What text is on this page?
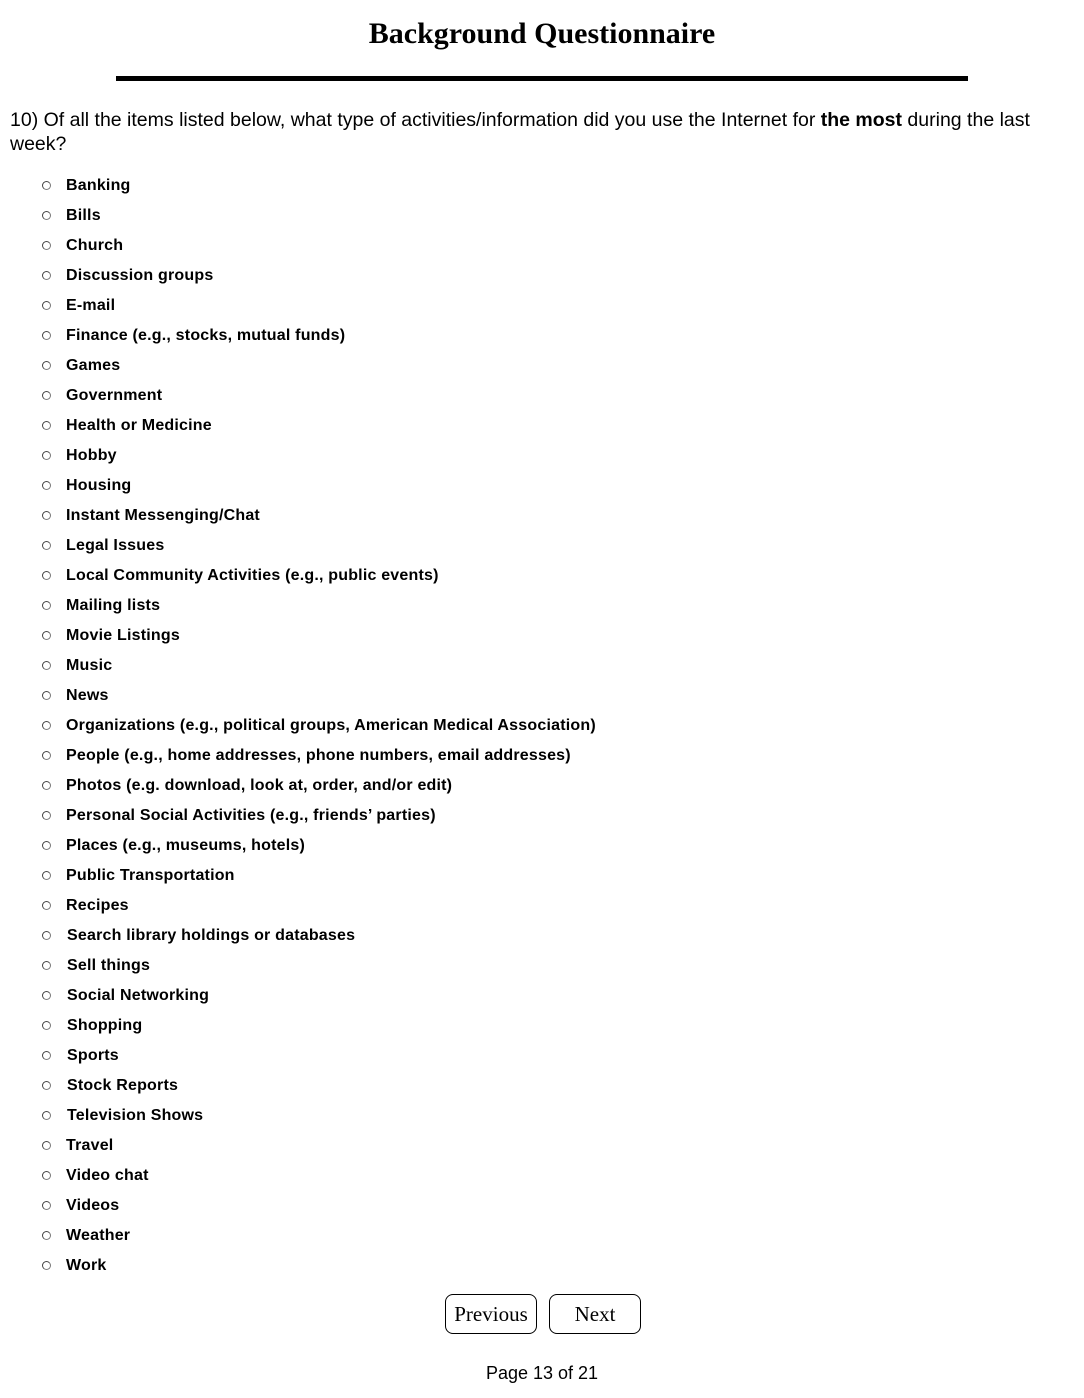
Background Questionnaire
10) Of all the items listed below, what type of activities/information did you use the Internet for the most during the last week?
Banking
Bills
Church
Discussion groups
E-mail
Finance (e.g., stocks, mutual funds)
Games
Government
Health or Medicine
Hobby
Housing
Instant Messenging/Chat
Legal Issues
Local Community Activities (e.g., public events)
Mailing lists
Movie Listings
Music
News
Organizations (e.g., political groups, American Medical Association)
People (e.g., home addresses, phone numbers, email addresses)
Photos (e.g. download, look at, order, and/or edit)
Personal Social Activities (e.g., friends’ parties)
Places (e.g., museums, hotels)
Public Transportation
Recipes
Search library holdings or databases
Sell things
Social Networking
Shopping
Sports
Stock Reports
Television Shows
Travel
Video chat
Videos
Weather
Work
Previous	Next
Page 13 of 21
